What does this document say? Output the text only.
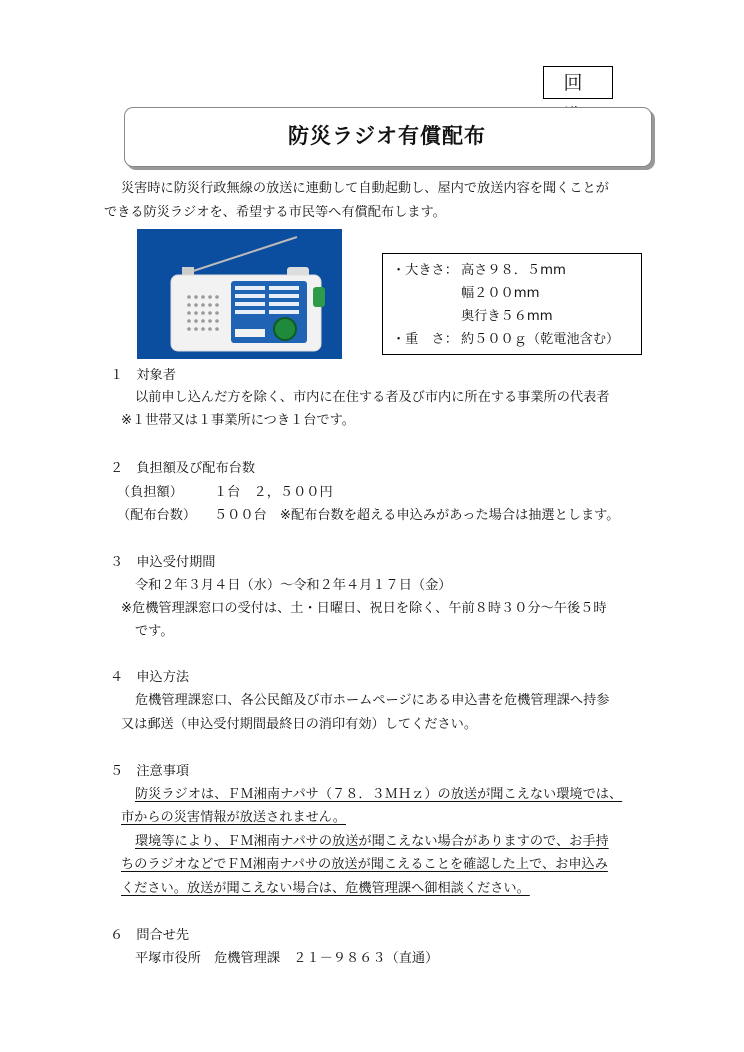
回　
防災ラジオ有償配布
災害時に防災行政無線の放送に連動して自動起動し、屋内で放送内容を聞くことが
できる防災ラジオを、希望する市民等へ有償配布します。
・大きさ： 高さ９８．５mm
幅２００mm
奥行き５６mm
・重　さ： 約５００ｇ（乾電池含む）
１　対象者
以前申し込んだ方を除く、市内に在住する者及び市内に所在する事業所の代表者
※１世帯又は１事業所につき１台です。
２　負担額及び配布台数
（負担額） １台　２，５００円
（配布台数） ５００台　※配布台数を超える申込みがあった場合は抽選とします。
３　申込受付期間
令和２年３月４日（水）～令和２年４月１７日（金）
※危機管理課窓口の受付は、土・日曜日、祝日を除く、午前８時３０分～午後５時
です。
４　申込方法
危機管理課窓口、各公民館及び市ホームページにある申込書を危機管理課へ持参
又は郵送（申込受付期間最終日の消印有効）してください。
５　注意事項
防災ラジオは、ＦＭ湘南ナパサ（７８．３ＭＨｚ）の放送が聞こえない環境では、
市からの災害情報が放送されません。
環境等により、ＦＭ湘南ナパサの放送が聞こえない場合がありますので、お手持
ちのラジオなどでＦＭ湘南ナパサの放送が聞こえることを確認した上で、お申込み
ください。放送が聞こえない場合は、危機管理課へ御相談ください。
６　問合せ先
平塚市役所　危機管理課　２１－９８６３（直通）
